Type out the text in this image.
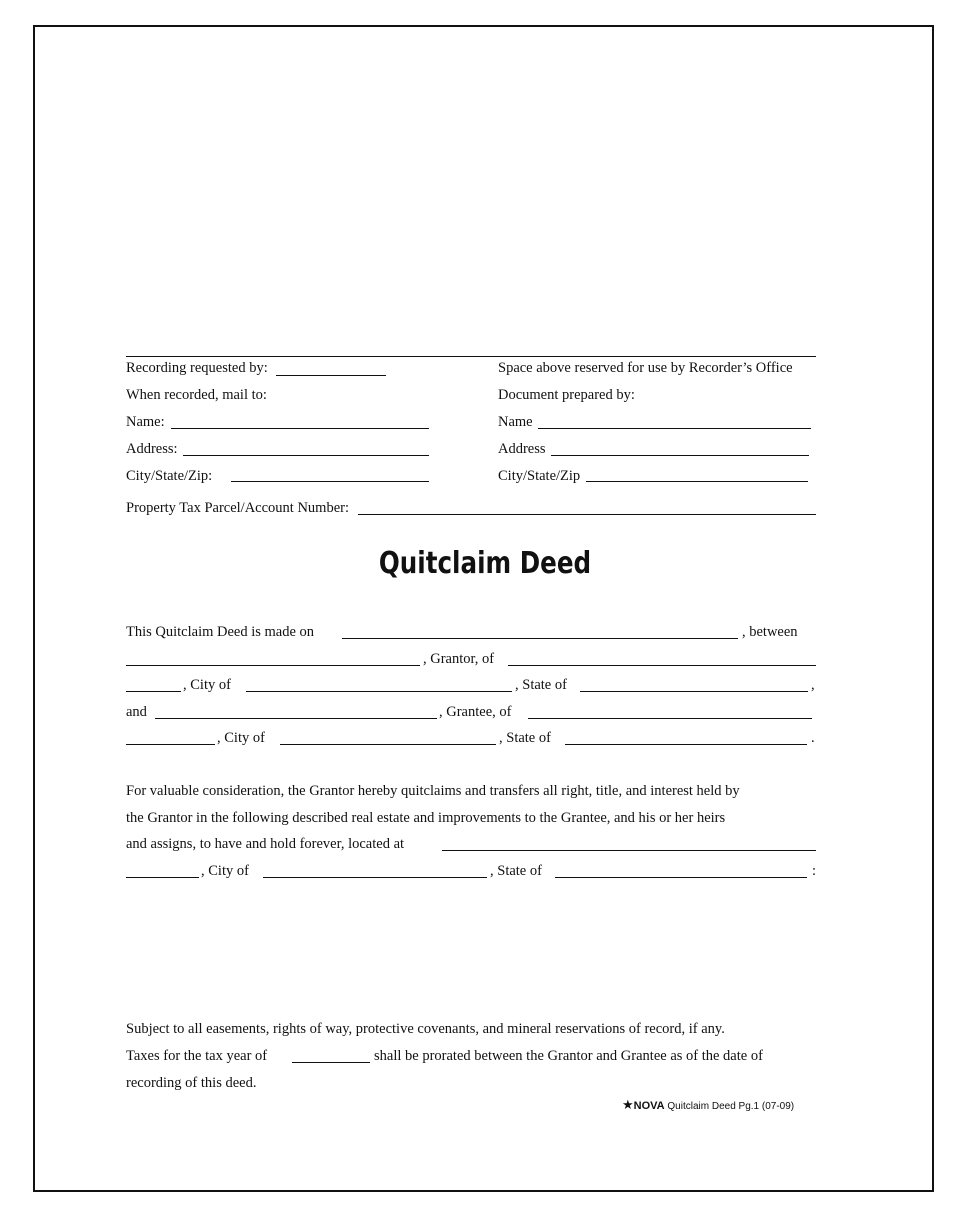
Recording requested by:	Space above reserved for use by Recorder’s Office
When recorded, mail to:	Document prepared by:
Name:	Name
Address:	Address
City/State/Zip:	City/State/Zip
Property Tax Parcel/Account Number:
Quitclaim Deed
This Quitclaim Deed is made on	, between
, Grantor, of
, City of	, State of	,
and	, Grantee, of
, City of	, State of	.
For valuable consideration, the Grantor hereby quitclaims and transfers all right, title, and interest held by
the Grantor in the following described real estate and improvements to the Grantee, and his or her heirs
and assigns, to have and hold forever, located at
, City of	, State of	:
Subject to all easements, rights of way, protective covenants, and mineral reservations of record, if any.
Taxes for the tax year of	shall be prorated between the Grantor and Grantee as of the date of
recording of this deed.
★NOVA Quitclaim Deed Pg.1 (07-09)
